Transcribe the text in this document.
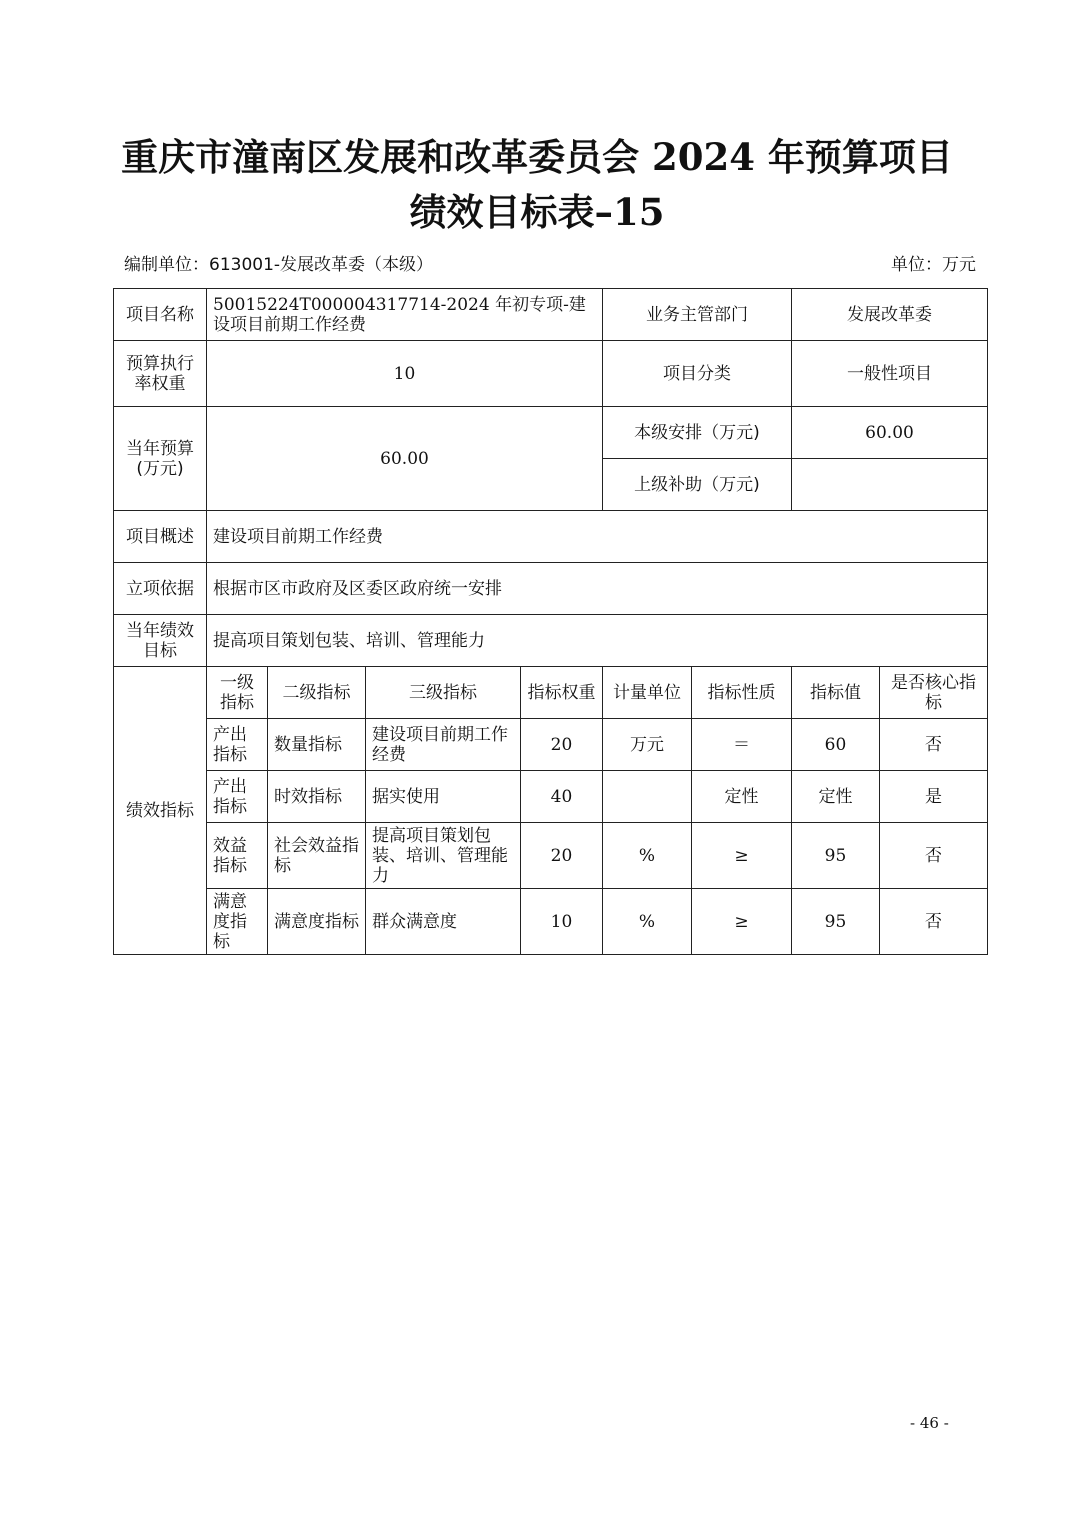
重庆市潼南区发展和改革委员会 2024 年预算项目
绩效目标表–15
编制单位：613001-发展改革委（本级）	单位：万元
项目名称	50015224T000004317714-2024 年初专项-建设项目前期工作经费				业务主管部门		发展改革委	
预算执行率权重	10				项目分类		一般性项目	
当年预算(万元)	60.00				本级安排（万元)		60.00	
					上级补助（万元)			
项目概述	建设项目前期工作经费							
立项依据	根据市区市政府及区委区政府统一安排							
当年绩效目标	提高项目策划包装、培训、管理能力							
绩效指标	一级指标	二级指标	三级指标	指标权重	计量单位	指标性质	指标值	是否核心指标
	产出指标	数量指标	建设项目前期工作经费	20	万元	＝	60	否
	产出指标	时效指标	据实使用	40		定性	定性	是
	效益指标	社会效益指标	提高项目策划包装、培训、管理能力	20	%	≥	95	否
	满意度指标	满意度指标	群众满意度	10	%	≥	95	否
- 46 -
